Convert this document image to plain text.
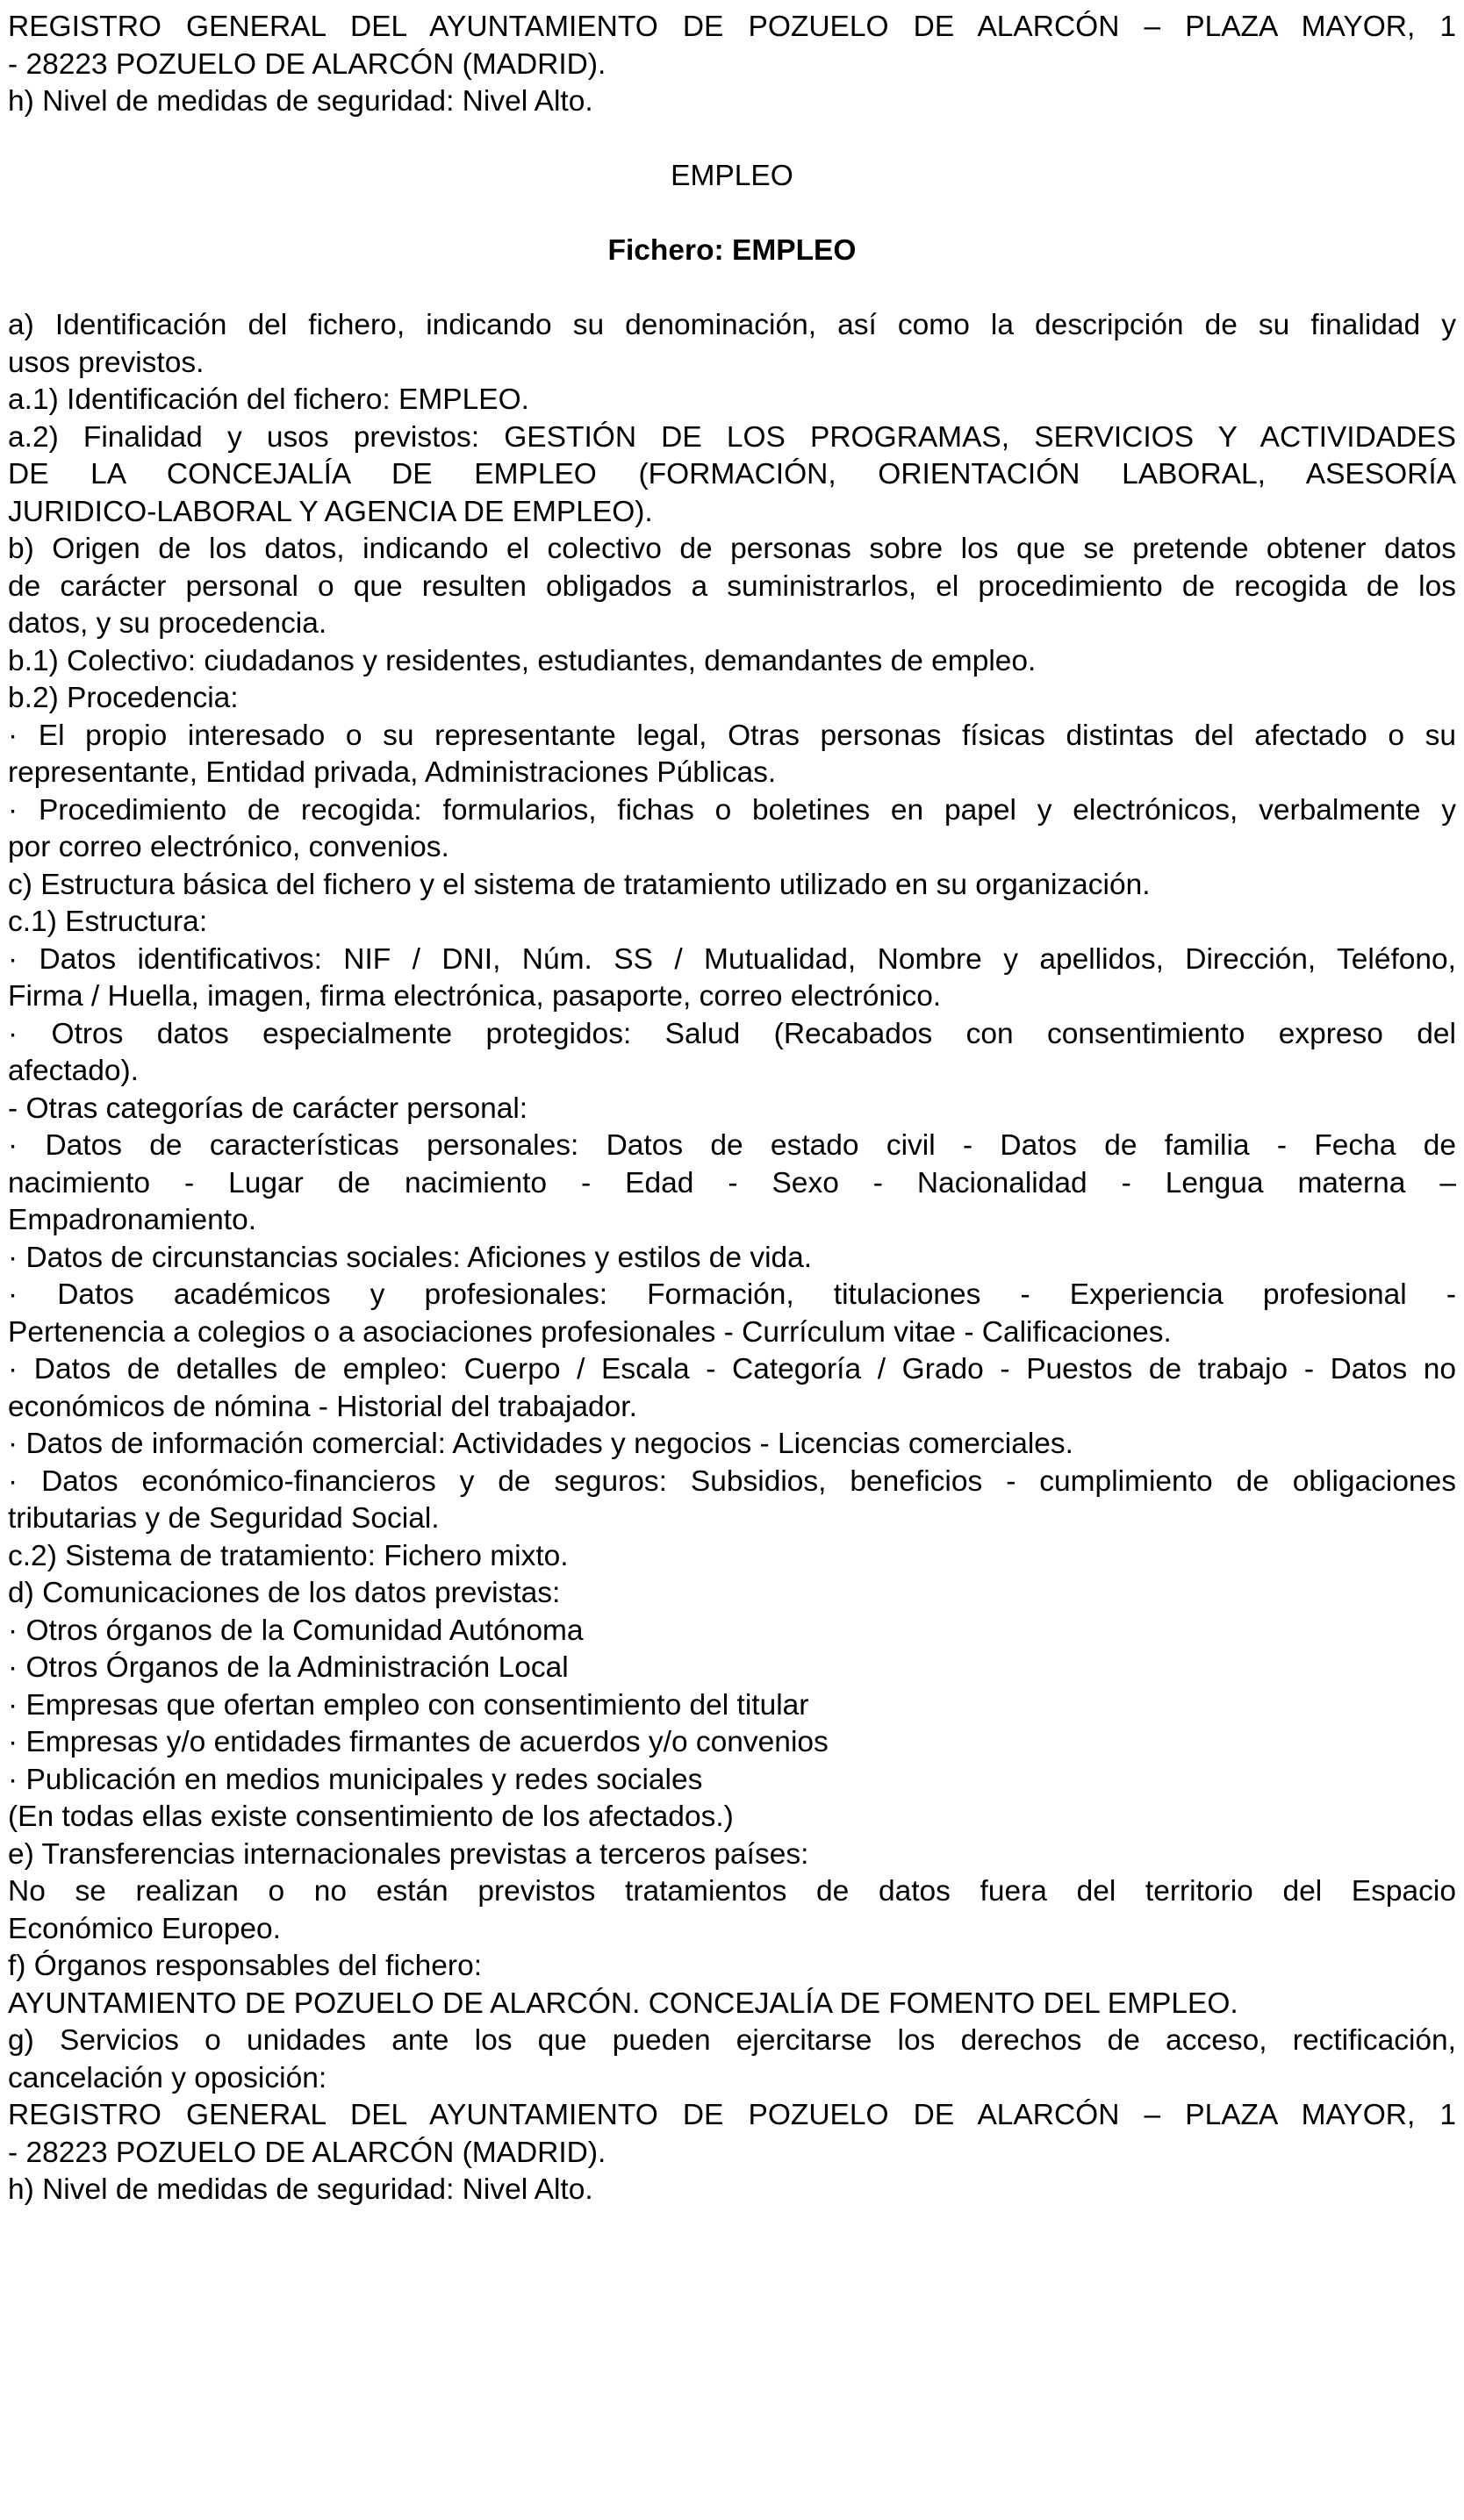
REGISTRO GENERAL DEL AYUNTAMIENTO DE POZUELO DE ALARCÓN – PLAZA MAYOR, 1
- 28223 POZUELO DE ALARCÓN (MADRID).
h) Nivel de medidas de seguridad: Nivel Alto.
EMPLEO
Fichero: EMPLEO
a) Identificación del fichero, indicando su denominación, así como la descripción de su finalidad y
usos previstos.
a.1) Identificación del fichero: EMPLEO.
a.2) Finalidad y usos previstos: GESTIÓN DE LOS PROGRAMAS, SERVICIOS Y ACTIVIDADES
DE LA CONCEJALÍA DE EMPLEO (FORMACIÓN, ORIENTACIÓN LABORAL, ASESORÍA
JURIDICO-LABORAL Y AGENCIA DE EMPLEO).
b) Origen de los datos, indicando el colectivo de personas sobre los que se pretende obtener datos
de carácter personal o que resulten obligados a suministrarlos, el procedimiento de recogida de los
datos, y su procedencia.
b.1) Colectivo: ciudadanos y residentes, estudiantes, demandantes de empleo.
b.2) Procedencia:
· El propio interesado o su representante legal, Otras personas físicas distintas del afectado o su
representante, Entidad privada, Administraciones Públicas.
· Procedimiento de recogida: formularios, fichas o boletines en papel y electrónicos, verbalmente y
por correo electrónico, convenios.
c) Estructura básica del fichero y el sistema de tratamiento utilizado en su organización.
c.1) Estructura:
· Datos identificativos: NIF / DNI, Núm. SS / Mutualidad, Nombre y apellidos, Dirección, Teléfono,
Firma / Huella, imagen, firma electrónica, pasaporte, correo electrónico.
· Otros datos especialmente protegidos: Salud (Recabados con consentimiento expreso del
afectado).
- Otras categorías de carácter personal:
· Datos de características personales: Datos de estado civil - Datos de familia - Fecha de
nacimiento - Lugar de nacimiento - Edad - Sexo - Nacionalidad - Lengua materna –
Empadronamiento.
· Datos de circunstancias sociales: Aficiones y estilos de vida.
· Datos académicos y profesionales: Formación, titulaciones - Experiencia profesional -
Pertenencia a colegios o a asociaciones profesionales - Currículum vitae - Calificaciones.
· Datos de detalles de empleo: Cuerpo / Escala - Categoría / Grado - Puestos de trabajo - Datos no
económicos de nómina - Historial del trabajador.
· Datos de información comercial: Actividades y negocios - Licencias comerciales.
· Datos económico-financieros y de seguros: Subsidios, beneficios - cumplimiento de obligaciones
tributarias y de Seguridad Social.
c.2) Sistema de tratamiento: Fichero mixto.
d) Comunicaciones de los datos previstas:
· Otros órganos de la Comunidad Autónoma
· Otros Órganos de la Administración Local
· Empresas que ofertan empleo con consentimiento del titular
· Empresas y/o entidades firmantes de acuerdos y/o convenios
· Publicación en medios municipales y redes sociales
(En todas ellas existe consentimiento de los afectados.)
e) Transferencias internacionales previstas a terceros países:
No se realizan o no están previstos tratamientos de datos fuera del territorio del Espacio
Económico Europeo.
f) Órganos responsables del fichero:
AYUNTAMIENTO DE POZUELO DE ALARCÓN. CONCEJALÍA DE FOMENTO DEL EMPLEO.
g) Servicios o unidades ante los que pueden ejercitarse los derechos de acceso, rectificación,
cancelación y oposición:
REGISTRO GENERAL DEL AYUNTAMIENTO DE POZUELO DE ALARCÓN – PLAZA MAYOR, 1
- 28223 POZUELO DE ALARCÓN (MADRID).
h) Nivel de medidas de seguridad: Nivel Alto.
